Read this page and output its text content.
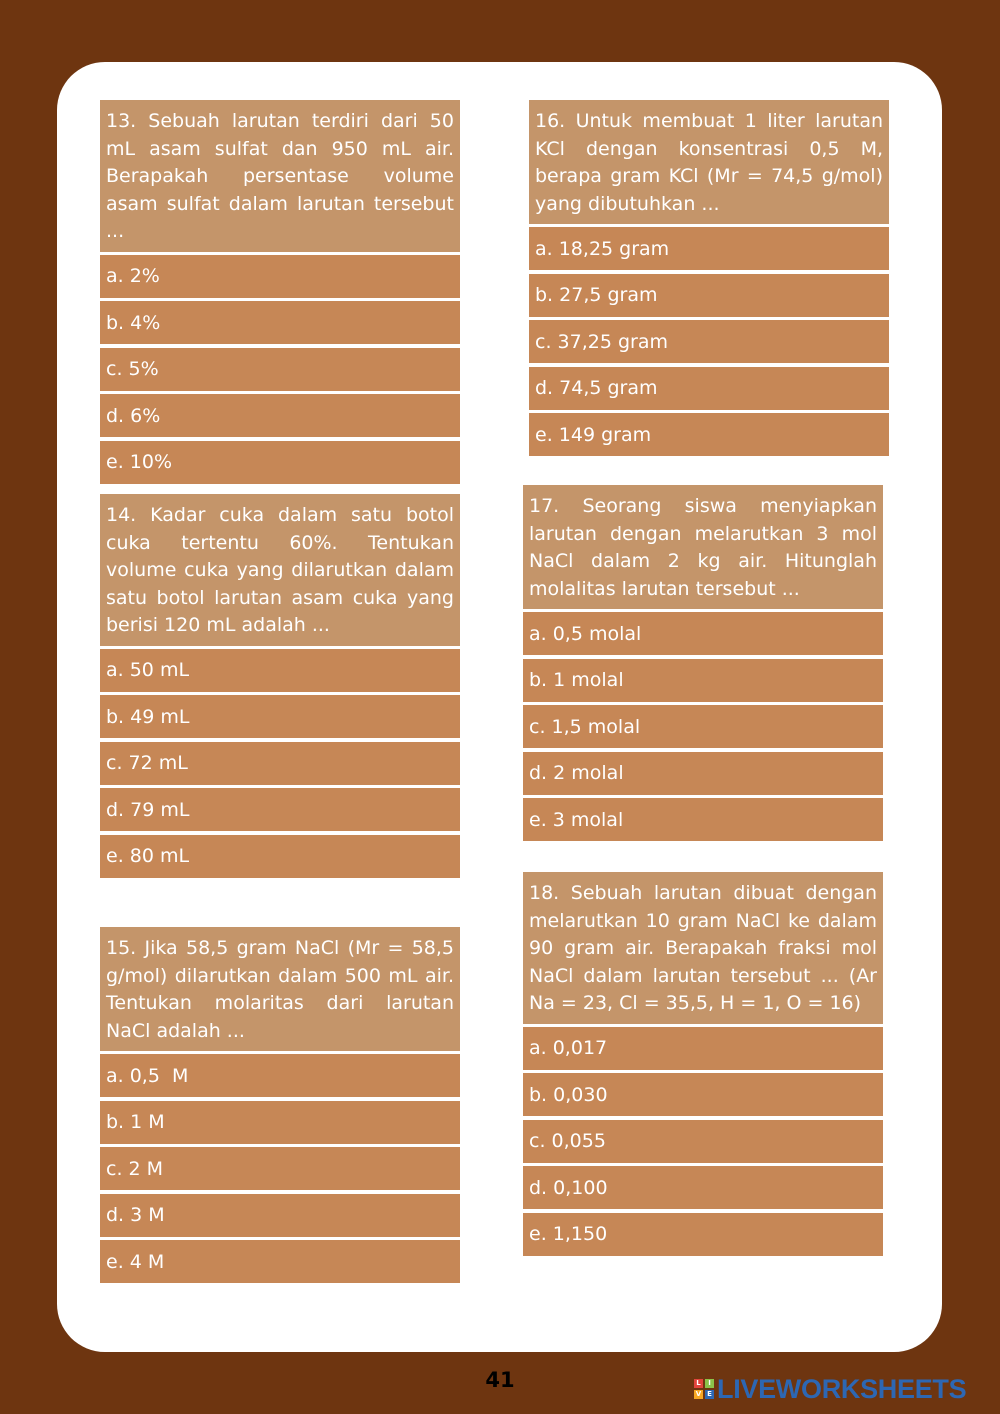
13. Sebuah larutan terdiri dari 50 mL asam sulfat dan 950 mL air. Berapakah persentase volume asam sulfat dalam larutan tersebut ...
a. 2%
b. 4%
c. 5%
d. 6%
e. 10%
14. Kadar cuka dalam satu botol cuka tertentu 60%. Tentukan volume cuka yang dilarutkan dalam satu botol larutan asam cuka yang berisi 120 mL adalah ...
a. 50 mL
b. 49 mL
c. 72 mL
d. 79 mL
e. 80 mL
15. Jika 58,5 gram NaCl (Mr = 58,5 g/mol) dilarutkan dalam 500 mL air. Tentukan molaritas dari larutan NaCl adalah ...
a. 0,5  M
b. 1 M
c. 2 M
d. 3 M
e. 4 M
16. Untuk membuat 1 liter larutan KCl dengan konsentrasi 0,5 M, berapa gram KCl (Mr = 74,5 g/mol) yang dibutuhkan ...
a. 18,25 gram
b. 27,5 gram
c. 37,25 gram
d. 74,5 gram
e. 149 gram
17. Seorang siswa menyiapkan larutan dengan melarutkan 3 mol NaCl dalam 2 kg air. Hitunglah molalitas larutan tersebut ...
a. 0,5 molal
b. 1 molal
c. 1,5 molal
d. 2 molal
e. 3 molal
18. Sebuah larutan dibuat dengan melarutkan 10 gram NaCl ke dalam 90 gram air. Berapakah fraksi mol NaCl dalam larutan tersebut ... (Ar Na = 23, Cl = 35,5, H = 1, O = 16)
a. 0,017
b. 0,030
c. 0,055
d. 0,100
e. 1,150
41	L	I
V E LIVEWORKSHEETS
